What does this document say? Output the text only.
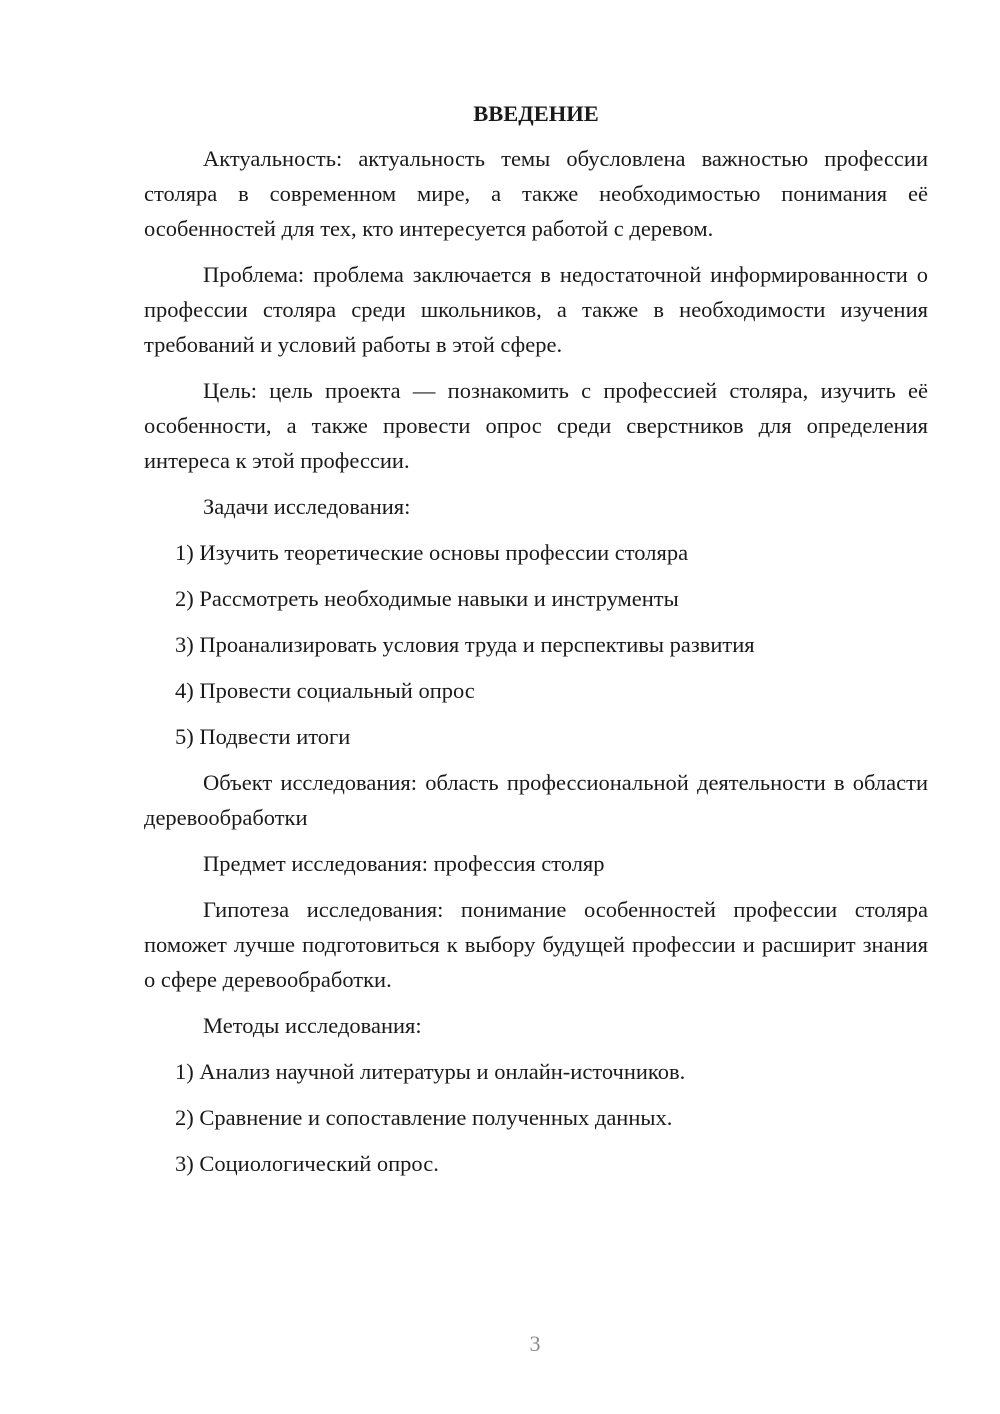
ВВЕДЕНИЕ

Актуальность: актуальность темы обусловлена важностью профессии столяра в современном мире, а также необходимостью понимания её особенностей для тех, кто интересуется работой с деревом.

Проблема: проблема заключается в недостаточной информированности о профессии столяра среди школьников, а также в необходимости изучения требований и условий работы в этой сфере.

Цель: цель проекта — познакомить с профессией столяра, изучить её особенности, а также провести опрос среди сверстников для определения интереса к этой профессии.

Задачи исследования:

1) Изучить теоретические основы профессии столяра
2) Рассмотреть необходимые навыки и инструменты
3) Проанализировать условия труда и перспективы развития
4) Провести социальный опрос
5) Подвести итоги

Объект исследования: область профессиональной деятельности в области деревообработки

Предмет исследования: профессия столяр

Гипотеза исследования: понимание особенностей профессии столяра поможет лучше подготовиться к выбору будущей профессии и расширит знания о сфере деревообработки.

Методы исследования:

1) Анализ научной литературы и онлайн-источников.
2) Сравнение и сопоставление полученных данных.
3) Социологический опрос.
3
